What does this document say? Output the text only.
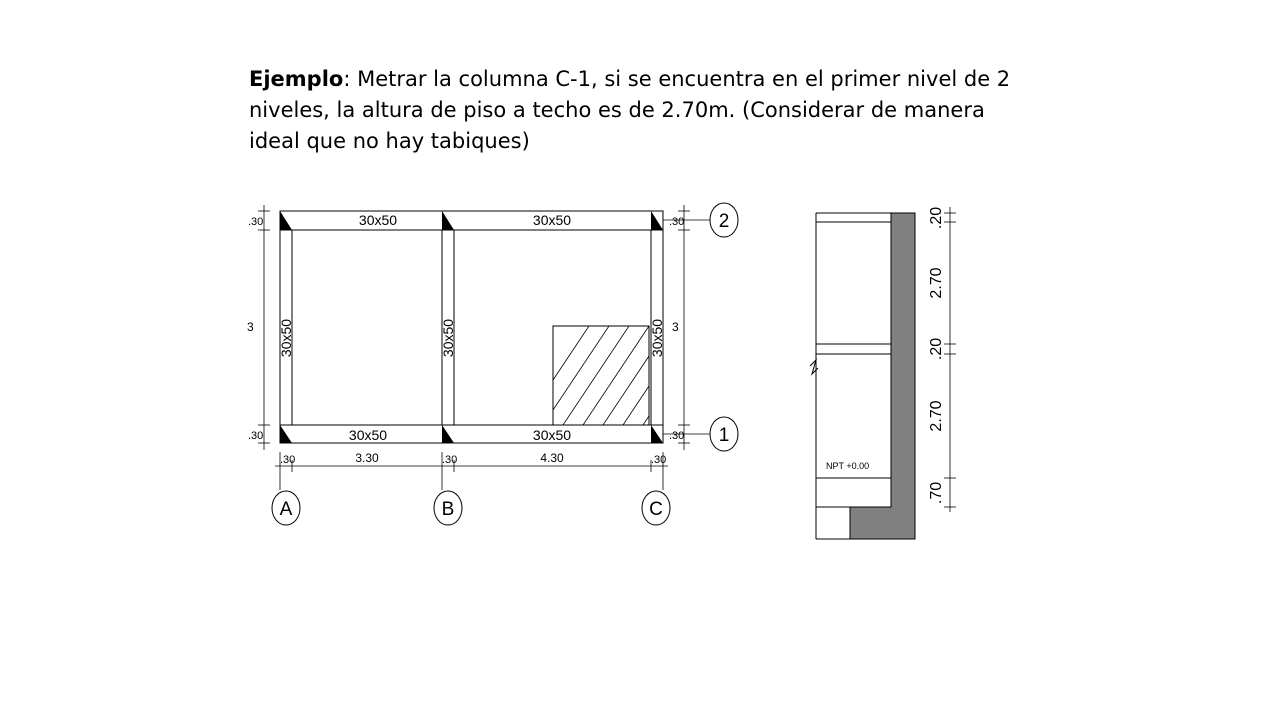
Ejemplo: Metrar la columna C-1, si se encuentra en el primer nivel de 2 niveles, la altura de piso a techo es de 2.70m. (Considerar de manera ideal que no hay tabiques)

30x50	30x50
30x50	30x50
30x50	30x50	30x50
.30
3
.30
.30
3
.30
.30	3.30	.30	4.30	.30
2
1
A	B	C
NPT +0.00
.20
2.70
.20
2.70
.70
